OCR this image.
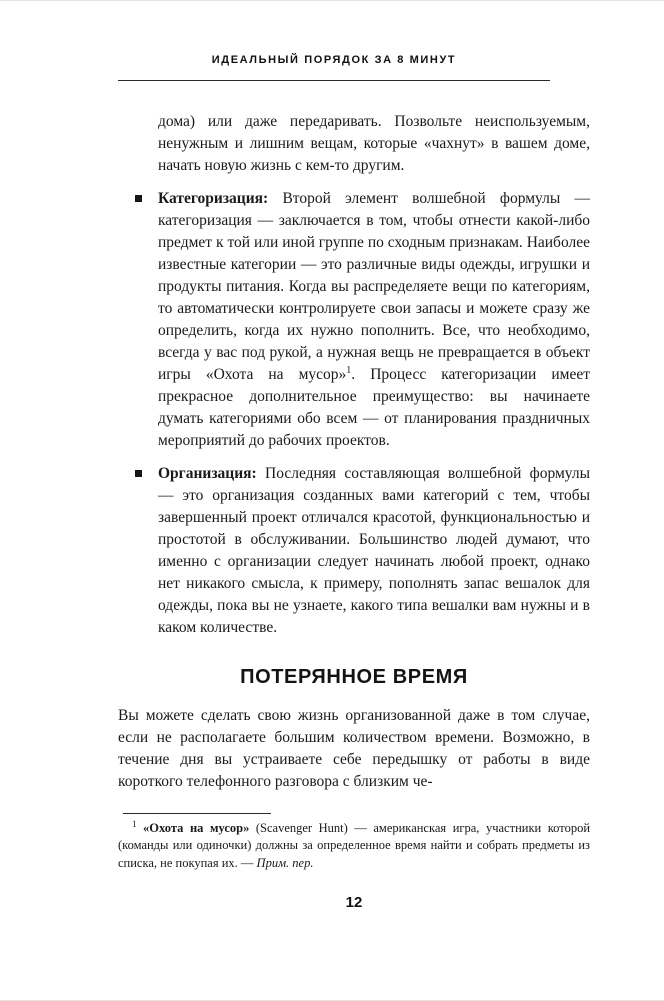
ИДЕАЛЬНЫЙ ПОРЯДОК ЗА 8 МИНУТ

дома) или даже передаривать. Позвольте неиспользуемым, ненужным и лишним вещам, которые «чахнут» в вашем доме, начать новую жизнь с кем-то другим.

Категоризация: Второй элемент волшебной формулы — категоризация — заключается в том, чтобы отнести какой-либо предмет к той или иной группе по сходным признакам. Наиболее известные категории — это различные виды одежды, игрушки и продукты питания. Когда вы распределяете вещи по категориям, то автоматически контролируете свои запасы и можете сразу же определить, когда их нужно пополнить. Все, что необходимо, всегда у вас под рукой, а нужная вещь не превращается в объект игры «Охота на мусор»$^1$. Процесс категоризации имеет прекрасное дополнительное преимущество: вы начинаете думать категориями обо всем — от планирования праздничных мероприятий до рабочих проектов.
Организация: Последняя составляющая волшебной формулы — это организация созданных вами категорий с тем, чтобы завершенный проект отличался красотой, функциональностью и простотой в обслуживании. Большинство людей думают, что именно с организации следует начинать любой проект, однако нет никакого смысла, к примеру, пополнять запас вешалок для одежды, пока вы не узнаете, какого типа вешалки вам нужны и в каком количестве.
ПОТЕРЯННОЕ ВРЕМЯ

Вы можете сделать свою жизнь организованной даже в том случае, если не располагаете большим количеством времени. Возможно, в течение дня вы устраиваете себе передышку от работы в виде короткого телефонного разговора с близким че-

$^1$ «Охота на мусор» (Scavenger Hunt) — американская игра, участники которой (команды или одиночки) должны за определенное время найти и собрать предметы из списка, не покупая их. — Прим. пер.

12
